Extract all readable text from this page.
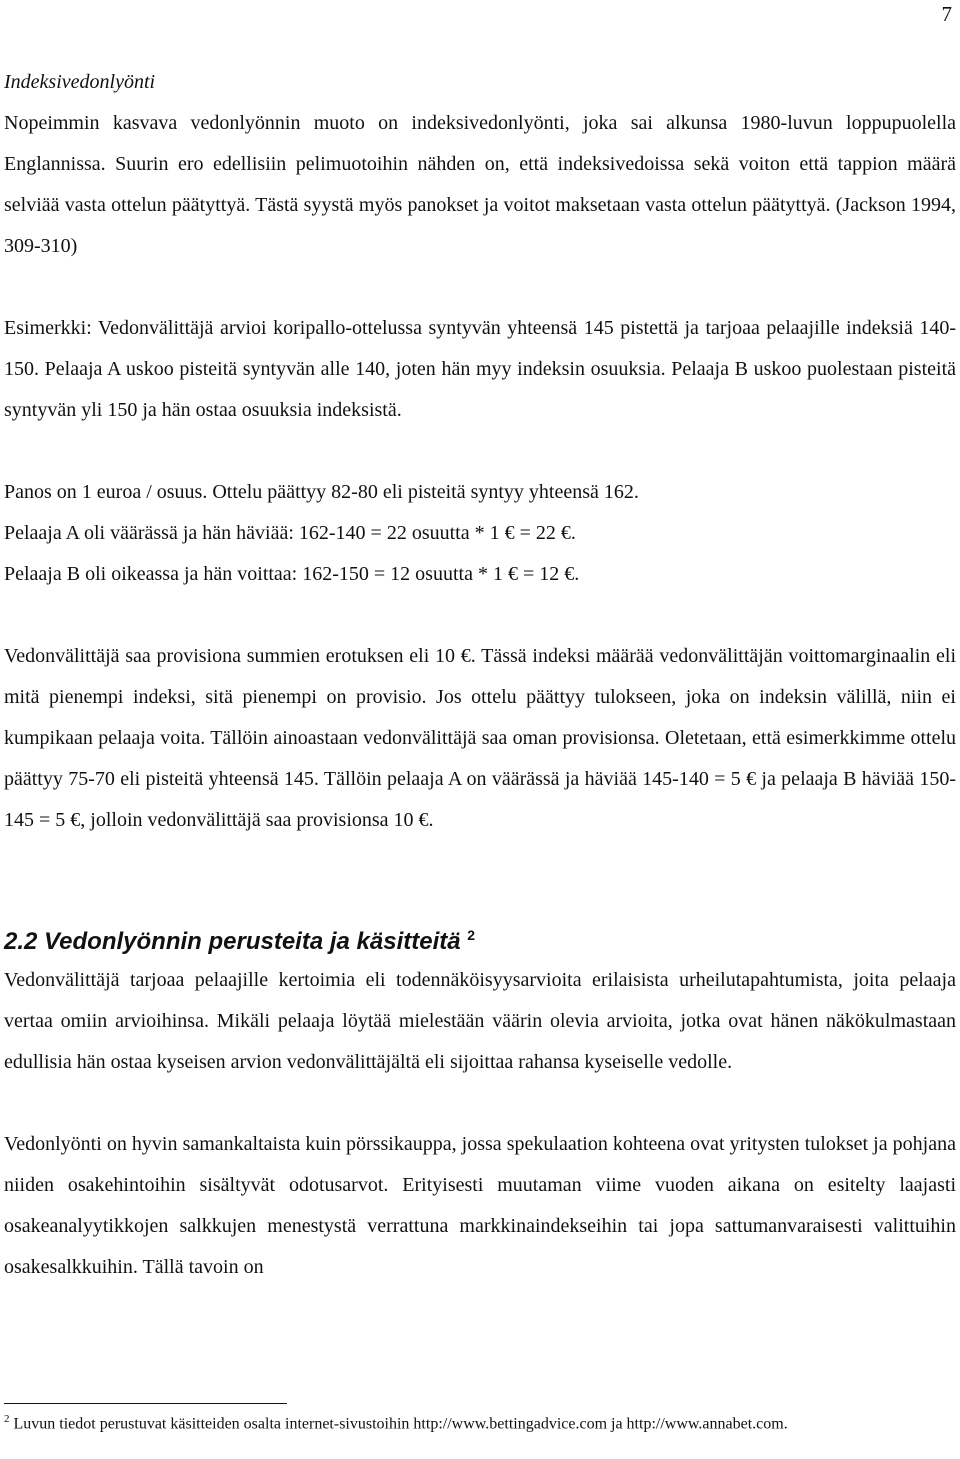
7
Indeksivedonlyönti

Nopeimmin kasvava vedonlyönnin muoto on indeksivedonlyönti, joka sai alkunsa 1980-luvun loppupuolella Englannissa. Suurin ero edellisiin pelimuotoihin nähden on, että indeksivedoissa sekä voiton että tappion määrä selviää vasta ottelun päätyttyä. Tästä syystä myös panokset ja voitot maksetaan vasta ottelun päätyttyä. (Jackson 1994, 309-310)

Esimerkki: Vedonvälittäjä arvioi koripallo-ottelussa syntyvän yhteensä 145 pistettä ja tarjoaa pelaajille indeksiä 140-150. Pelaaja A uskoo pisteitä syntyvän alle 140, joten hän myy indeksin osuuksia. Pelaaja B uskoo puolestaan pisteitä syntyvän yli 150 ja hän ostaa osuuksia indeksistä.

Panos on 1 euroa / osuus. Ottelu päättyy 82-80 eli pisteitä syntyy yhteensä 162.
Pelaaja A oli väärässä ja hän häviää: 162-140 = 22 osuutta * 1 € = 22 €.
Pelaaja B oli oikeassa ja hän voittaa: 162-150 = 12 osuutta * 1 € = 12 €.

Vedonvälittäjä saa provisiona summien erotuksen eli 10 €. Tässä indeksi määrää vedonvälittäjän voittomarginaalin eli mitä pienempi indeksi, sitä pienempi on provisio. Jos ottelu päättyy tulokseen, joka on indeksin välillä, niin ei kumpikaan pelaaja voita. Tällöin ainoastaan vedonvälittäjä saa oman provisionsa. Oletetaan, että esimerkkimme ottelu päättyy 75-70 eli pisteitä yhteensä 145. Tällöin pelaaja A on väärässä ja häviää 145-140 = 5 € ja pelaaja B häviää 150-145 = 5 €, jolloin vedonvälittäjä saa provisionsa 10 €.

2.2 Vedonlyönnin perusteita ja käsitteitä $^2$

Vedonvälittäjä tarjoaa pelaajille kertoimia eli todennäköisyysarvioita erilaisista urheilutapahtumista, joita pelaaja vertaa omiin arvioihinsa. Mikäli pelaaja löytää mielestään väärin olevia arvioita, jotka ovat hänen näkökulmastaan edullisia hän ostaa kyseisen arvion vedonvälittäjältä eli sijoittaa rahansa kyseiselle vedolle.

Vedonlyönti on hyvin samankaltaista kuin pörssikauppa, jossa spekulaation kohteena ovat yritysten tulokset ja pohjana niiden osakehintoihin sisältyvät odotusarvot. Erityisesti muutaman viime vuoden aikana on esitelty laajasti osakeanalyytikkojen salkkujen menestystä verrattuna markkinaindekseihin tai jopa sattumanvaraisesti valittuihin osakesalkkuihin. Tällä tavoin on

$^2$ Luvun tiedot perustuvat käsitteiden osalta internet-sivustoihin http://www.bettingadvice.com ja http://www.annabet.com.
